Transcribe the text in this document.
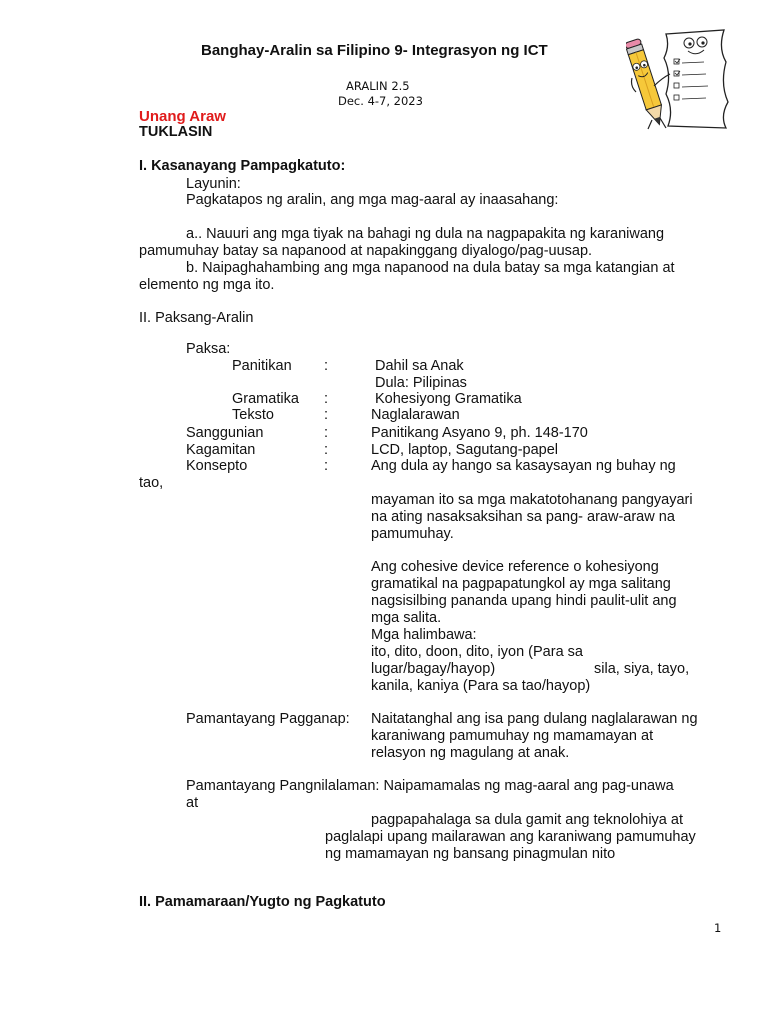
Banghay-Aralin sa Filipino 9- Integrasyon ng ICT
ARALIN 2.5
Dec. 4-7, 2023
Unang Araw
TUKLASIN
I. Kasanayang Pampagkatuto:
Layunin:
Pagkatapos ng aralin, ang mga mag-aaral ay inaasahang:
a.. Nauuri ang mga tiyak na bahagi ng dula na nagpapakita ng karaniwang
pamumuhay batay sa napanood at napakinggang diyalogo/pag-uusap.
b. Naipaghahambing ang mga napanood na dula batay sa mga katangian at
elemento ng mga ito.
II. Paksang-Aralin
Paksa:
Panitikan :	Dahil sa Anak
Dula: Pilipinas
Gramatika :	Kohesiyong Gramatika
Teksto	:	Naglalarawan
Sanggunian	:	Panitikang Asyano 9, ph. 148-170
Kagamitan	:	LCD, laptop, Sagutang-papel
Konsepto	:	Ang dula ay hango sa kasaysayan ng buhay ng
tao,
mayaman ito sa mga makatotohanang pangyayari
na ating nasaksaksihan sa pang- araw-araw na
pamumuhay.
Ang cohesive device reference o kohesiyong
gramatikal na pagpapatungkol ay mga salitang
nagsisilbing pananda upang hindi paulit-ulit ang
mga salita.
Mga halimbawa:
ito, dito, doon, dito, iyon (Para sa
lugar/bagay/hayop)	sila, siya, tayo,
kanila, kaniya (Para sa tao/hayop)
Pamantayang Pagganap: Naitatanghal ang isa pang dulang naglalarawan ng
karaniwang pamumuhay ng mamamayan at
relasyon ng magulang at anak.
Pamantayang Pangnilalaman: Naipamamalas ng mag-aaral ang pag-unawa
at
pagpapahalaga sa dula gamit ang teknolohiya at
paglalapi upang mailarawan ang karaniwang pamumuhay
ng mamamayan ng bansang pinagmulan nito
II. Pamamaraan/Yugto ng Pagkatuto
1
